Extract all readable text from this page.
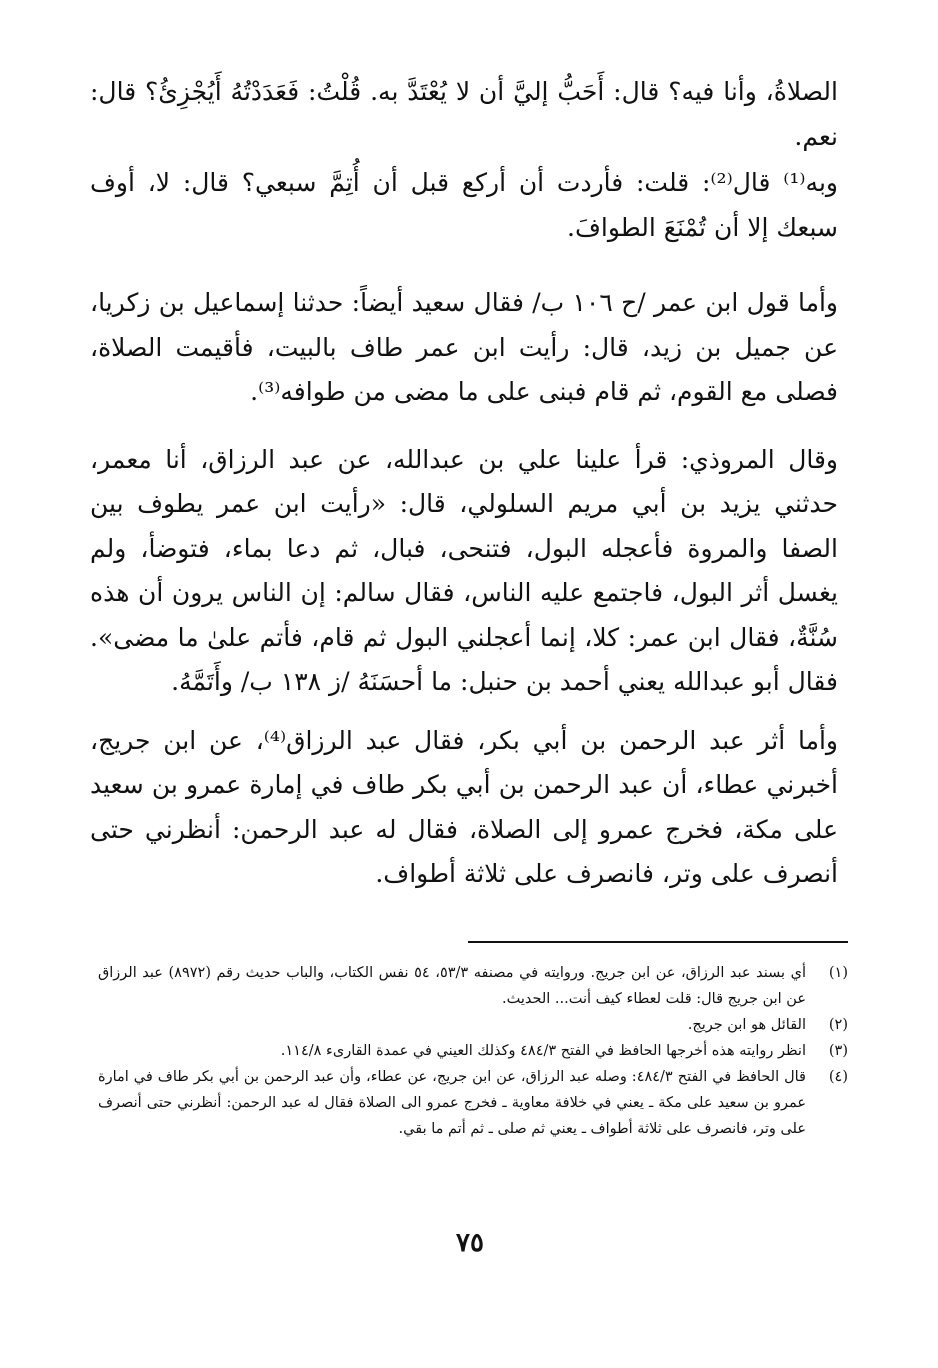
الصلاةُ، وأنا فيه؟ قال: أَحَبُّ إليَّ أن لا يُعْتَدَّ به. قُلْتُ: فَعَدَدْتُهُ أَيُجْزِئُ؟ قال: نعم.

وبه⁽¹⁾ قال⁽²⁾: قلت: فأردت أن أركع قبل أن أُتِمَّ سبعي؟ قال: لا، أوف سبعك إلا أن تُمْنَعَ الطوافَ.

وأما قول ابن عمر /ح ١٠٦ ب/ فقال سعيد أيضاً: حدثنا إسماعيل بن زكريا، عن جميل بن زيد، قال: رأيت ابن عمر طاف بالبيت، فأقيمت الصلاة، فصلى مع القوم، ثم قام فبنى على ما مضى من طوافه⁽³⁾.

وقال المروذي: قرأ علينا علي بن عبدالله، عن عبد الرزاق، أنا معمر، حدثني يزيد بن أبي مريم السلولي، قال: «رأيت ابن عمر يطوف بين الصفا والمروة فأعجله البول، فتنحى، فبال، ثم دعا بماء، فتوضأ، ولم يغسل أثر البول، فاجتمع عليه الناس، فقال سالم: إن الناس يرون أن هذه سُنَّةٌ، فقال ابن عمر: كلا، إنما أعجلني البول ثم قام، فأتم علىٰ ما مضى». فقال أبو عبدالله يعني أحمد بن حنبل: ما أحسَنَهُ /ز ١٣٨ ب/ وأَتَمَّهُ.

وأما أثر عبد الرحمن بن أبي بكر، فقال عبد الرزاق⁽⁴⁾، عن ابن جريج، أخبرني عطاء، أن عبد الرحمن بن أبي بكر طاف في إمارة عمرو بن سعيد على مكة، فخرج عمرو إلى الصلاة، فقال له عبد الرحمن: أنظرني حتى أنصرف على وتر، فانصرف على ثلاثة أطواف.

(١)
أي بسند عبد الرزاق، عن ابن جريج. وروايته في مصنفه ٥٣/٣، ٥٤ نفس الكتاب، والباب حديث رقم (٨٩٧٢) عبد الرزاق عن ابن جريج قال: قلت لعطاء كيف أنت... الحديث.
(٢)
القائل هو ابن جريج.
(٣)
انظر روايته هذه أخرجها الحافظ في الفتح ٤٨٤/٣ وكذلك العيني في عمدة القارىء ١١٤/٨.
(٤)
قال الحافظ في الفتح ٤٨٤/٣: وصله عبد الرزاق، عن ابن جريج، عن عطاء، وأن عبد الرحمن بن أبي بكر طاف في امارة عمرو بن سعيد على مكة ـ يعني في خلافة معاوية ـ فخرج عمرو الى الصلاة فقال له عبد الرحمن: أنظرني حتى أنصرف على وتر، فانصرف على ثلاثة أطواف ـ يعني ثم صلى ـ ثم أتم ما بقي.
٧٥
